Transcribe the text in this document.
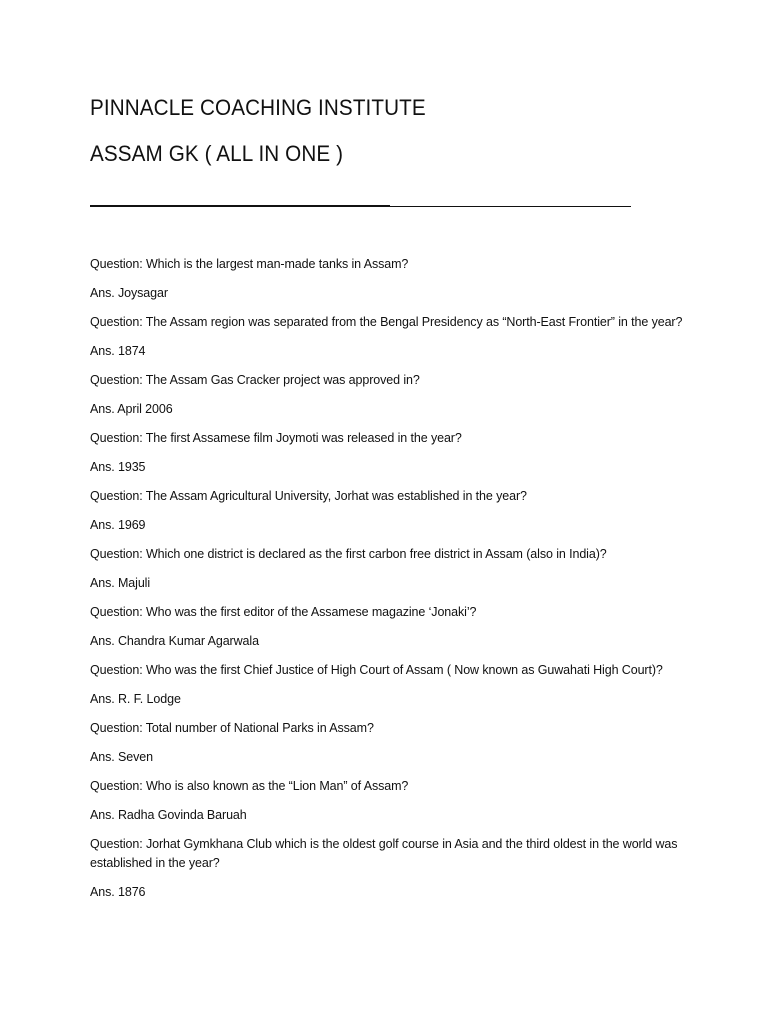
PINNACLE COACHING INSTITUTE
ASSAM GK ( ALL IN ONE )

Question: Which is the largest man-made tanks in Assam?

Ans. Joysagar

Question: The Assam region was separated from the Bengal Presidency as “North-East Frontier” in the year?

Ans. 1874

Question: The Assam Gas Cracker project was approved in?

Ans. April 2006

Question: The first Assamese film Joymoti was released in the year?

Ans. 1935

Question: The Assam Agricultural University, Jorhat was established in the year?

Ans. 1969

Question: Which one district is declared as the first carbon free district in Assam (also in India)?

Ans. Majuli

Question: Who was the first editor of the Assamese magazine ‘Jonaki’?

Ans. Chandra Kumar Agarwala

Question: Who was the first Chief Justice of High Court of Assam ( Now known as Guwahati High Court)?

Ans. R. F. Lodge

Question: Total number of National Parks in Assam?

Ans. Seven

Question: Who is also known as the “Lion Man” of Assam?

Ans. Radha Govinda Baruah

Question: Jorhat Gymkhana Club which is the oldest golf course in Asia and the third oldest in the world was established in the year?

Ans. 1876
